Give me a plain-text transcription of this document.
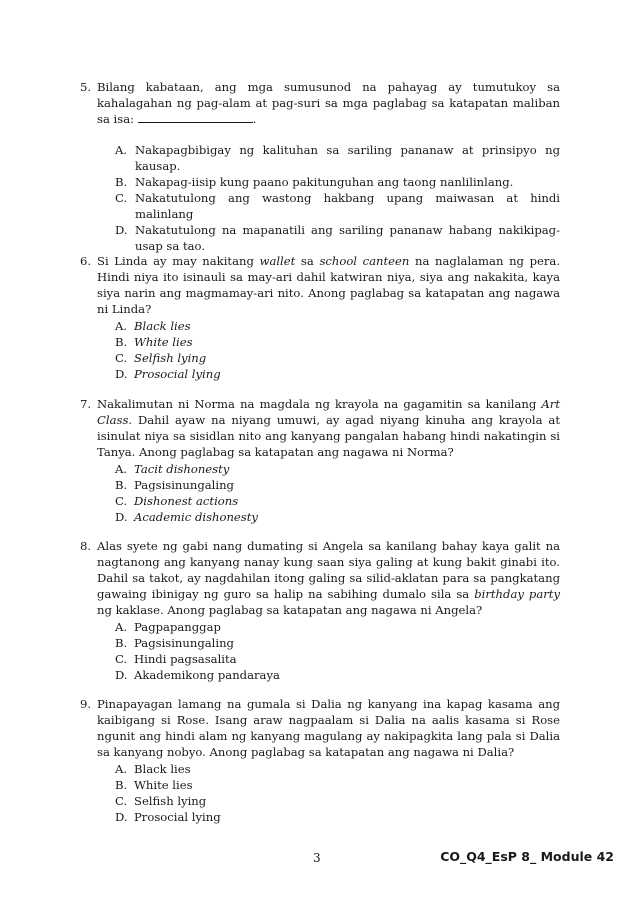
5. Bilang kabataan, ang mga sumusunod na pahayag ay tumutukoy sa kahalagahan ng pag-alam at pag-suri sa mga paglabag sa katapatan maliban sa isa:	.
A. Nakapagbibigay ng kalituhan sa sariling pananaw at prinsipyo ng kausap.
B. Nakapag-iisip kung paano pakitunguhan ang taong nanlilinlang.
C. Nakatutulong ang wastong hakbang upang maiwasan at hindi malinlang
D. Nakatutulong na mapanatili ang sariling pananaw habang nakikipag-usap sa tao.
6. Si Linda ay may nakitang wallet sa school canteen na naglalaman ng pera. Hindi niya ito isinauli sa may-ari dahil katwiran niya, siya ang nakakita, kaya siya narin ang magmamay-ari nito. Anong paglabag sa katapatan ang nagawa ni Linda?
A. Black lies
B. White lies
C. Selfish lying
D. Prosocial lying
7. Nakalimutan ni Norma na magdala ng krayola na gagamitin sa kanilang Art Class. Dahil ayaw na niyang umuwi, ay agad niyang kinuha ang krayola at isinulat niya sa sisidlan nito ang kanyang pangalan habang hindi nakatingin si Tanya. Anong paglabag sa katapatan ang nagawa ni Norma?
A. Tacit dishonesty
B. Pagsisinungaling
C. Dishonest actions
D. Academic dishonesty
8. Alas syete ng gabi nang dumating si Angela sa kanilang bahay kaya galit na nagtanong ang kanyang nanay kung saan siya galing at kung bakit ginabi ito. Dahil sa takot, ay nagdahilan itong galing sa silid-aklatan para sa pangkatang gawaing ibinigay ng guro sa halip na sabihing dumalo sila sa birthday party ng kaklase. Anong paglabag sa katapatan ang nagawa ni Angela?
A. Pagpapanggap
B. Pagsisinungaling
C. Hindi pagsasalita
D. Akademikong pandaraya
9. Pinapayagan lamang na gumala si Dalia ng kanyang ina kapag kasama ang kaibigang si Rose. Isang araw nagpaalam si Dalia na aalis kasama si Rose ngunit ang hindi alam ng kanyang magulang ay nakipagkita lang pala si Dalia sa kanyang nobyo. Anong paglabag sa katapatan ang nagawa ni Dalia?
A. Black lies
B. White lies
C. Selfish lying
D. Prosocial lying
3	CO_Q4_EsP 8_ Module 42
